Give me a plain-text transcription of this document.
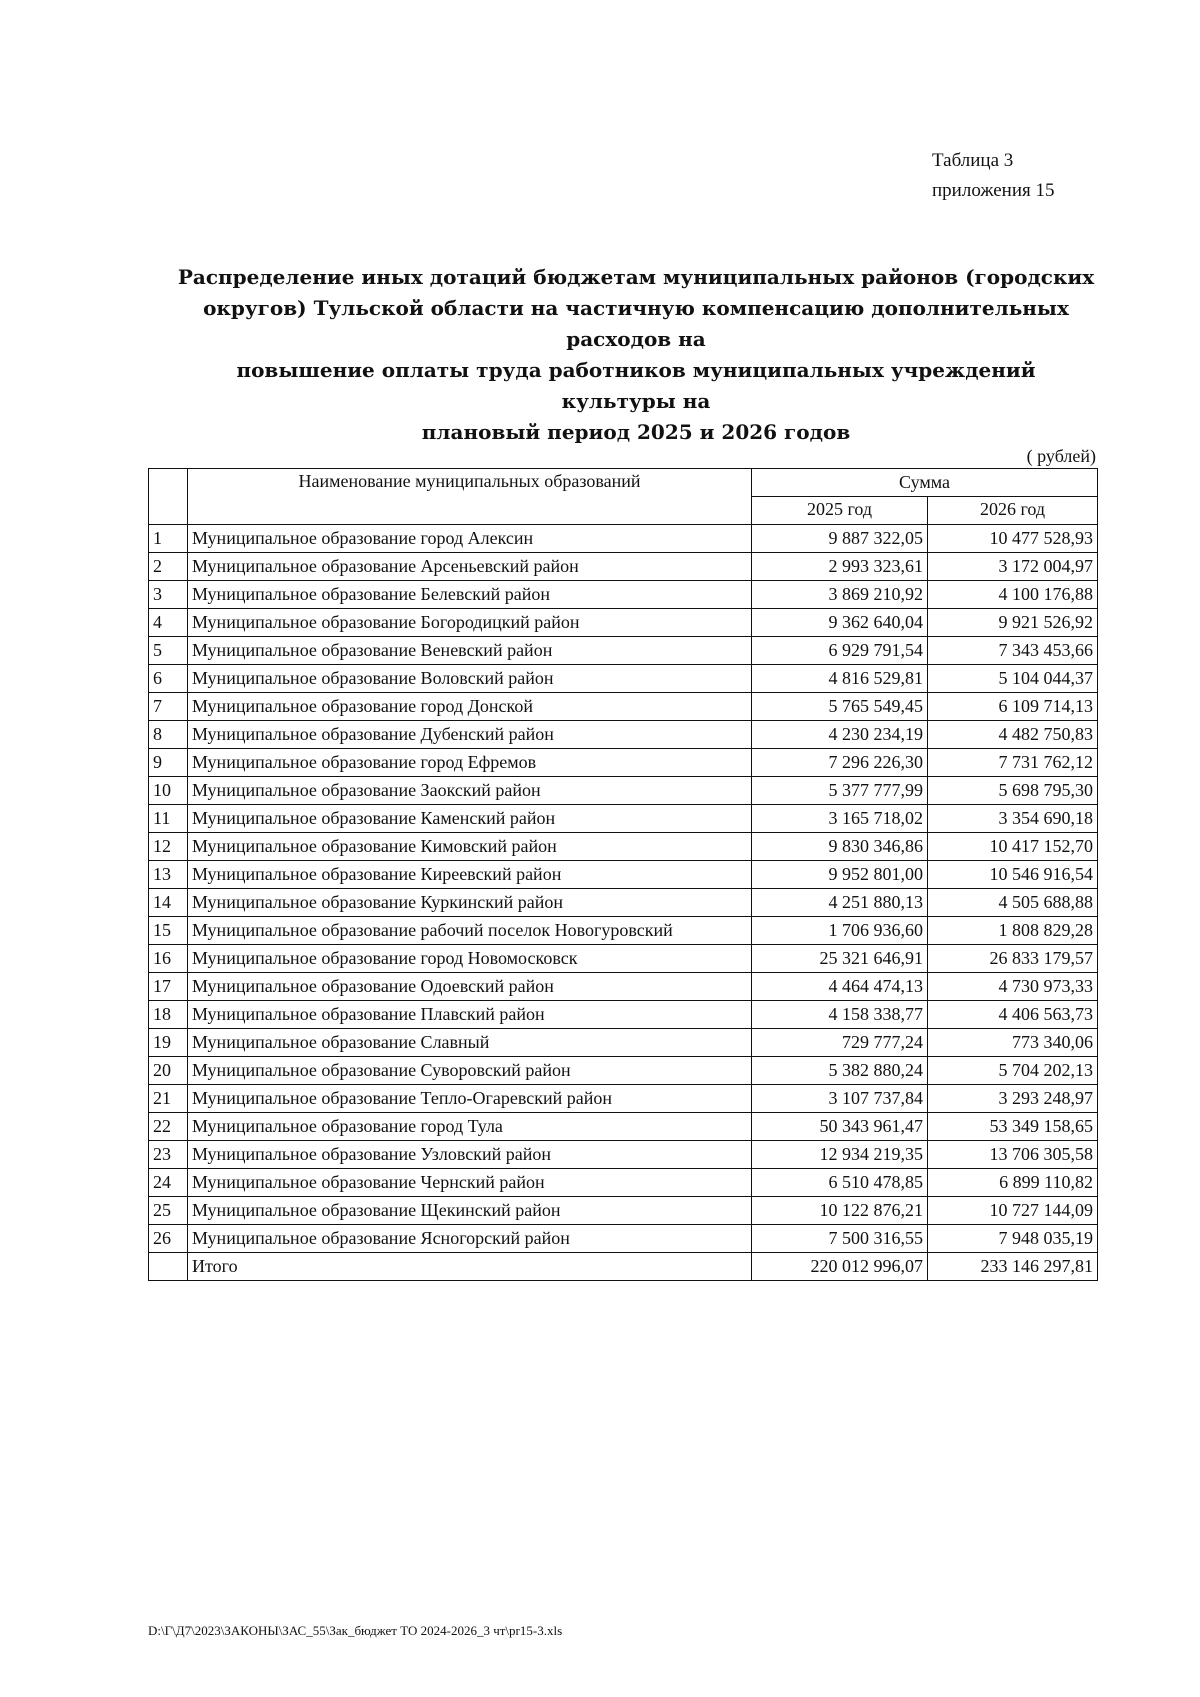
Таблица 3
приложения 15
Распределение иных дотаций бюджетам муниципальных районов (городских
округов) Тульской области на частичную компенсацию дополнительных расходов на
повышение оплаты труда работников муниципальных учреждений культуры на
плановый период 2025 и 2026 годов
( рублей)
	Наименование муниципальных образований	Сумма	
		2025 год	2026 год
1	Муниципальное образование город Алексин	9 887 322,05	10 477 528,93
2	Муниципальное образование Арсеньевский район	2 993 323,61	3 172 004,97
3	Муниципальное образование Белевский район	3 869 210,92	4 100 176,88
4	Муниципальное образование Богородицкий район	9 362 640,04	9 921 526,92
5	Муниципальное образование Веневский район	6 929 791,54	7 343 453,66
6	Муниципальное образование Воловский район	4 816 529,81	5 104 044,37
7	Муниципальное образование город Донской	5 765 549,45	6 109 714,13
8	Муниципальное образование Дубенский район	4 230 234,19	4 482 750,83
9	Муниципальное образование город Ефремов	7 296 226,30	7 731 762,12
10	Муниципальное образование Заокский район	5 377 777,99	5 698 795,30
11	Муниципальное образование Каменский район	3 165 718,02	3 354 690,18
12	Муниципальное образование Кимовский район	9 830 346,86	10 417 152,70
13	Муниципальное образование Киреевский район	9 952 801,00	10 546 916,54
14	Муниципальное образование Куркинский район	4 251 880,13	4 505 688,88
15	Муниципальное образование рабочий поселок Новогуровский	1 706 936,60	1 808 829,28
16	Муниципальное образование город Новомосковск	25 321 646,91	26 833 179,57
17	Муниципальное образование Одоевский район	4 464 474,13	4 730 973,33
18	Муниципальное образование Плавский район	4 158 338,77	4 406 563,73
19	Муниципальное образование Славный	729 777,24	773 340,06
20	Муниципальное образование Суворовский район	5 382 880,24	5 704 202,13
21	Муниципальное образование Тепло-Огаревский район	3 107 737,84	3 293 248,97
22	Муниципальное образование город Тула	50 343 961,47	53 349 158,65
23	Муниципальное образование Узловский район	12 934 219,35	13 706 305,58
24	Муниципальное образование Чернский район	6 510 478,85	6 899 110,82
25	Муниципальное образование Щекинский район	10 122 876,21	10 727 144,09
26	Муниципальное образование Ясногорский район	7 500 316,55	7 948 035,19
	Итого	220 012 996,07	233 146 297,81
D:\Г\Д7\2023\ЗАКОНЫ\ЗАС_55\Зак_бюджет ТО 2024-2026_3 чт\pr15-3.xls
